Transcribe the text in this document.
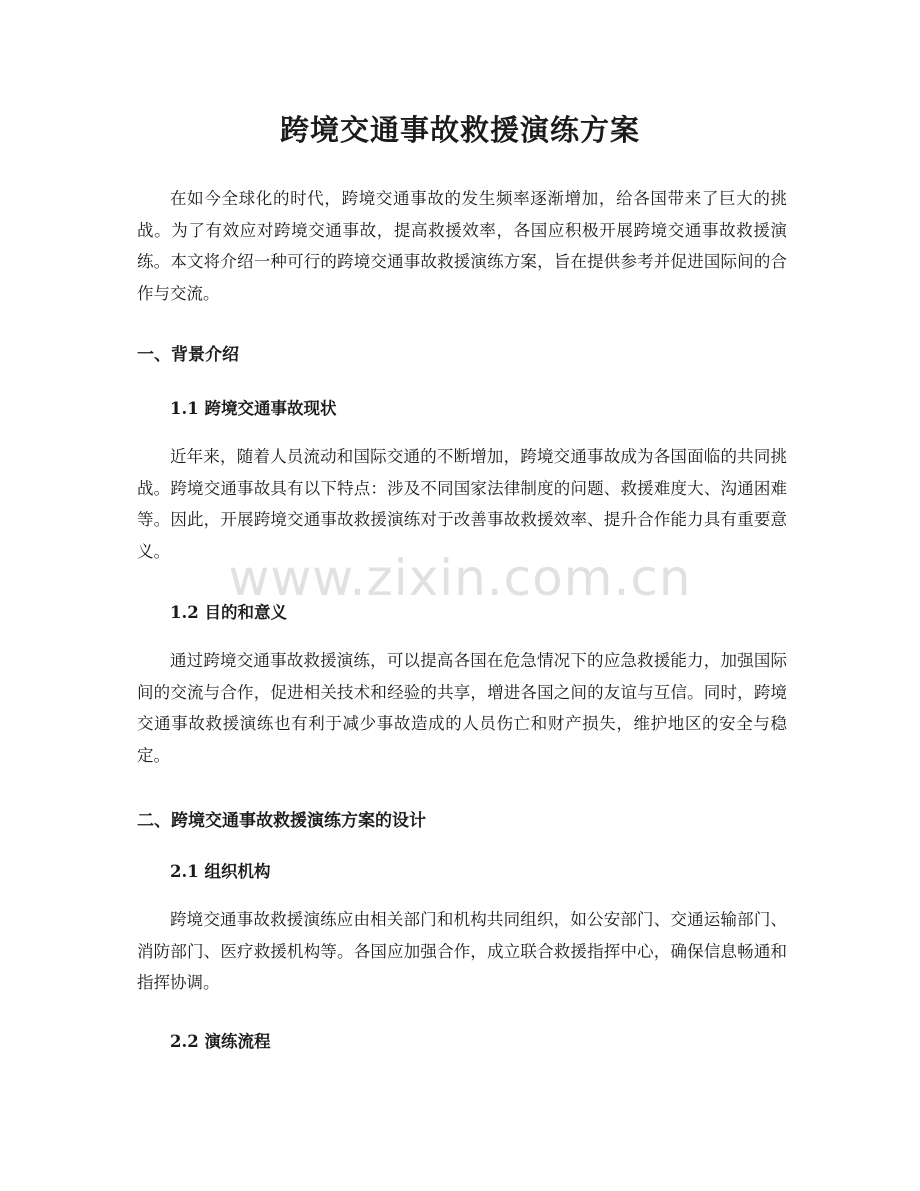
跨境交通事故救援演练方案

在如今全球化的时代，跨境交通事故的发生频率逐渐增加，给各国带来了巨大的挑战。为了有效应对跨境交通事故，提高救援效率，各国应积极开展跨境交通事故救援演练。本文将介绍一种可行的跨境交通事故救援演练方案，旨在提供参考并促进国际间的合作与交流。

一、背景介绍
1.1 跨境交通事故现状

近年来，随着人员流动和国际交通的不断增加，跨境交通事故成为各国面临的共同挑战。跨境交通事故具有以下特点：涉及不同国家法律制度的问题、救援难度大、沟通困难等。因此，开展跨境交通事故救援演练对于改善事故救援效率、提升合作能力具有重要意义。

1.2 目的和意义

通过跨境交通事故救援演练，可以提高各国在危急情况下的应急救援能力，加强国际间的交流与合作，促进相关技术和经验的共享，增进各国之间的友谊与互信。同时，跨境交通事故救援演练也有利于减少事故造成的人员伤亡和财产损失，维护地区的安全与稳定。

二、跨境交通事故救援演练方案的设计
2.1 组织机构

跨境交通事故救援演练应由相关部门和机构共同组织，如公安部门、交通运输部门、消防部门、医疗救援机构等。各国应加强合作，成立联合救援指挥中心，确保信息畅通和指挥协调。

2.2 演练流程
www.zixin.com.cn
